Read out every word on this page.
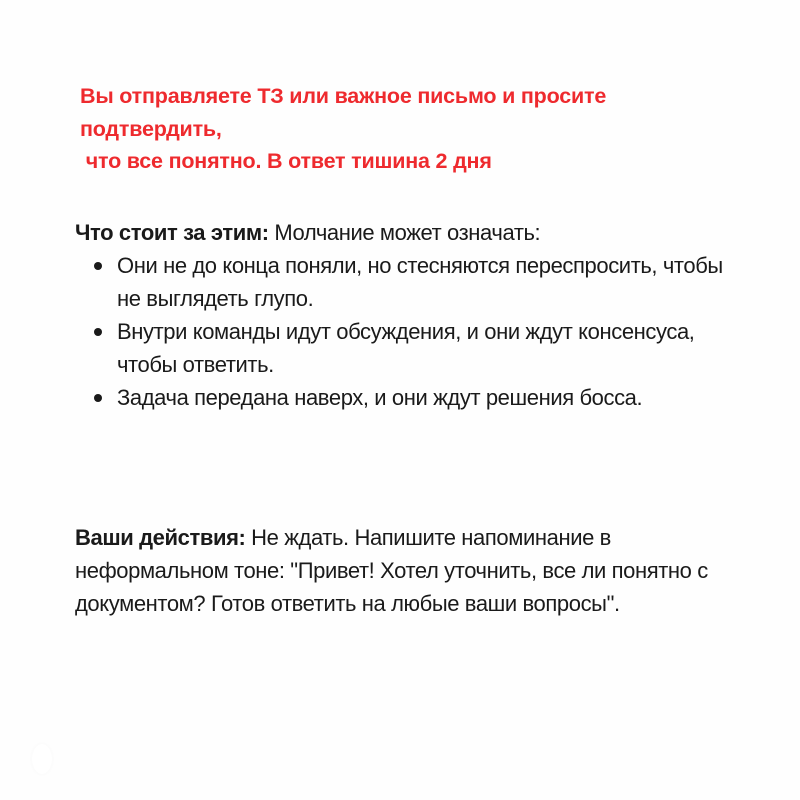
Вы отправляете ТЗ или важное письмо и просите
подтвердить,
что все понятно. В ответ тишина 2 дня
Что стоит за этим: Молчание может означать:
Они не до конца поняли, но стесняются переспросить, чтобы не выглядеть глупо.
Внутри команды идут обсуждения, и они ждут консенсуса, чтобы ответить.
Задача передана наверх, и они ждут решения босса.
Ваши действия: Не ждать. Напишите напоминание в неформальном тоне: "Привет! Хотел уточнить, все ли понятно с документом? Готов ответить на любые ваши вопросы".
